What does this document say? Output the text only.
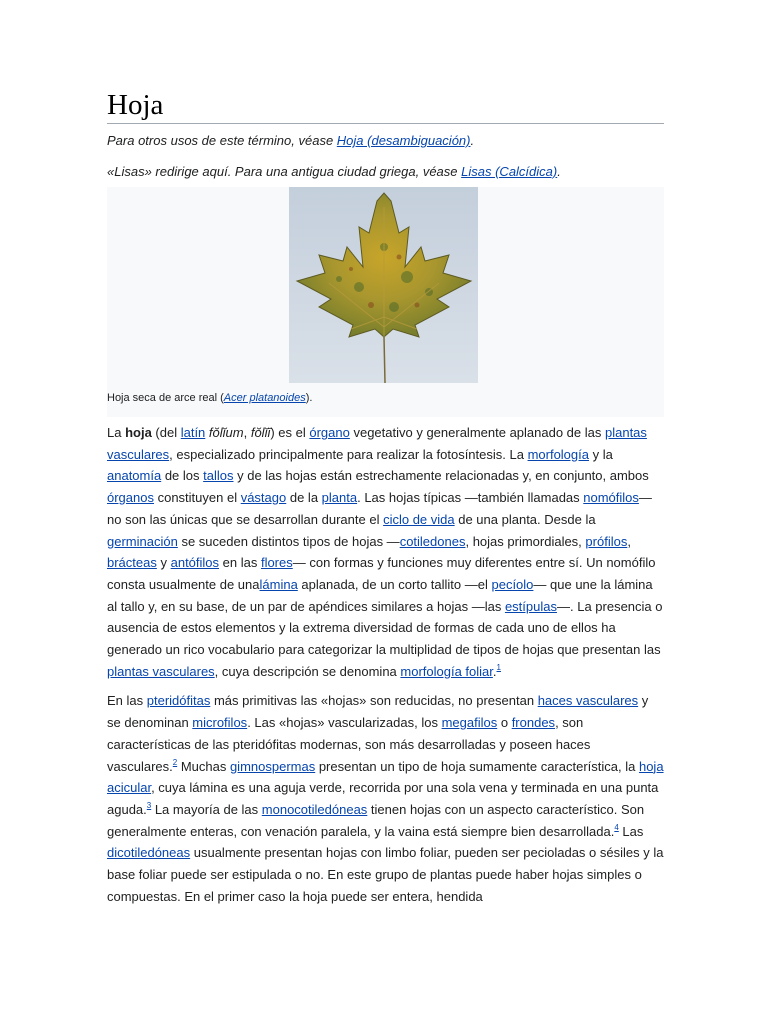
Hoja

Para otros usos de este término, véase Hoja (desambiguación).

«Lisas» redirige aquí. Para una antigua ciudad griega, véase Lisas (Calcídica).

Hoja seca de arce real (Acer platanoides).

La hoja (del latín fŏlĭum, fŏlĭī) es el órgano vegetativo y generalmente aplanado de las plantas vasculares, especializado principalmente para realizar la fotosíntesis. La morfología y la anatomía de los tallos y de las hojas están estrechamente relacionadas y, en conjunto, ambos órganos constituyen el vástago de la planta. Las hojas típicas —también llamadas nomófilos— no son las únicas que se desarrollan durante el ciclo de vida de una planta. Desde la germinación se suceden distintos tipos de hojas —cotiledones, hojas primordiales, prófilos, brácteas y antófilos en las flores— con formas y funciones muy diferentes entre sí. Un nomófilo consta usualmente de unalámina aplanada, de un corto tallito —el pecíolo— que une la lámina al tallo y, en su base, de un par de apéndices similares a hojas —las estípulas—. La presencia o ausencia de estos elementos y la extrema diversidad de formas de cada uno de ellos ha generado un rico vocabulario para categorizar la multiplidad de tipos de hojas que presentan las plantas vasculares, cuya descripción se denomina morfología foliar.$^1$

En las pteridófitas más primitivas las «hojas» son reducidas, no presentan haces vasculares y se denominan microfilos. Las «hojas» vascularizadas, los megafilos o frondes, son características de las pteridófitas modernas, son más desarrolladas y poseen haces vasculares.$^2$ Muchas gimnospermas presentan un tipo de hoja sumamente característica, la hoja acicular, cuya lámina es una aguja verde, recorrida por una sola vena y terminada en una punta aguda.$^3$ La mayoría de las monocotiledóneas tienen hojas con un aspecto característico. Son generalmente enteras, con venación paralela, y la vaina está siempre bien desarrollada.$^4$ Las dicotiledóneas usualmente presentan hojas con limbo foliar, pueden ser pecioladas o sésiles y la base foliar puede ser estipulada o no. En este grupo de plantas puede haber hojas simples o compuestas. En el primer caso la hoja puede ser entera, hendida
